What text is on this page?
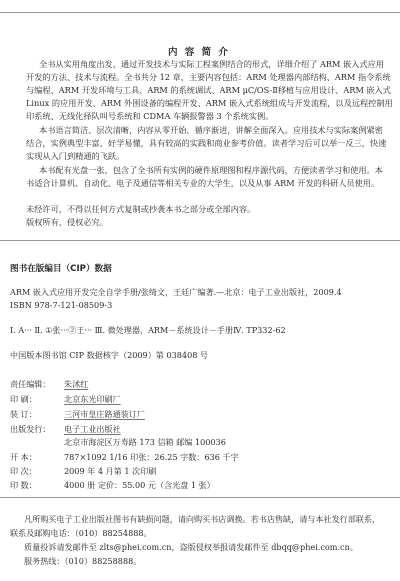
内 容 简 介
全书从实用角度出发，通过开发技术与实际工程案例结合的形式，详细介绍了 ARM 嵌入式应用
开发的方法、技术与流程。全书共分 12 章，主要内容包括：ARM 处理器内部结构、ARM 指令系统
与编程、ARM 开发环境与工具、ARM 的系统调试、ARM μC/OS-Ⅱ移植与应用设计、ARM 嵌入式
Linux 的应用开发、ARM 外围设备的编程开发、ARM 嵌入式系统组成与开发流程，以及远程控制用
印系统、无线化择队叫号系统和 CDMA 车辆报警器 3 个系统实例。
本书语言简洁、层次清晰，内容从零开始、循序渐进，讲解全面深入。应用技术与实际案例紧密
结合，实例典型丰富，好学易懂，具有较高的实践和商业参考价值。读者学习后可以举一反三，快速
实现从入门到精通的飞跃。
本书配有光盘一张，包含了全书所有实例的硬件原理图和程序源代码，方便读者学习和使用。本
书适合计算机、自动化、电子及通信等相关专业的大学生，以及从事 ARM 开发的科研人员使用。
未经许可，不得以任何方式复制或抄袭本书之部分或全部内容。
版权所有，侵权必究。
图书在版编目（CIP）数据
ARM 嵌入式应用开发完全自学手册/张绮文，王廷广编著.—北京：电子工业出版社，2009.4
ISBN 978-7-121-08509-3
Ⅰ. A··· Ⅱ. ①张···②王··· Ⅲ. 微处理器，ARM－系统设计－手册Ⅳ. TP332-62
中国版本图书馆 CIP 数据核字（2009）第 038408 号
责任编辑： 朱沭红
印 刷：	北京东光印刷厂
装 订：	三河市皇庄路通装订厂
出版发行： 电子工业出版社
北京市海淀区万寿路 173 信箱 邮编 100036
开 本：	787×1092 1/16 印张：26.25 字数：636 千字
印 次：	2009 年 4 月第 1 次印刷
印 数：	4000 册 定价：55.00 元（含光盘 1 张）
凡所购买电子工业出版社图书有缺损问题，请向购买书店调换。若书店售缺，请与本社发行部联系，
联系及邮购电话：（010）88254888。
质量投诉请发邮件至 zlts@phei.com.cn，盗版侵权举报请发邮件至 dbqq@phei.com.cn。
服务热线：（010）88258888。
